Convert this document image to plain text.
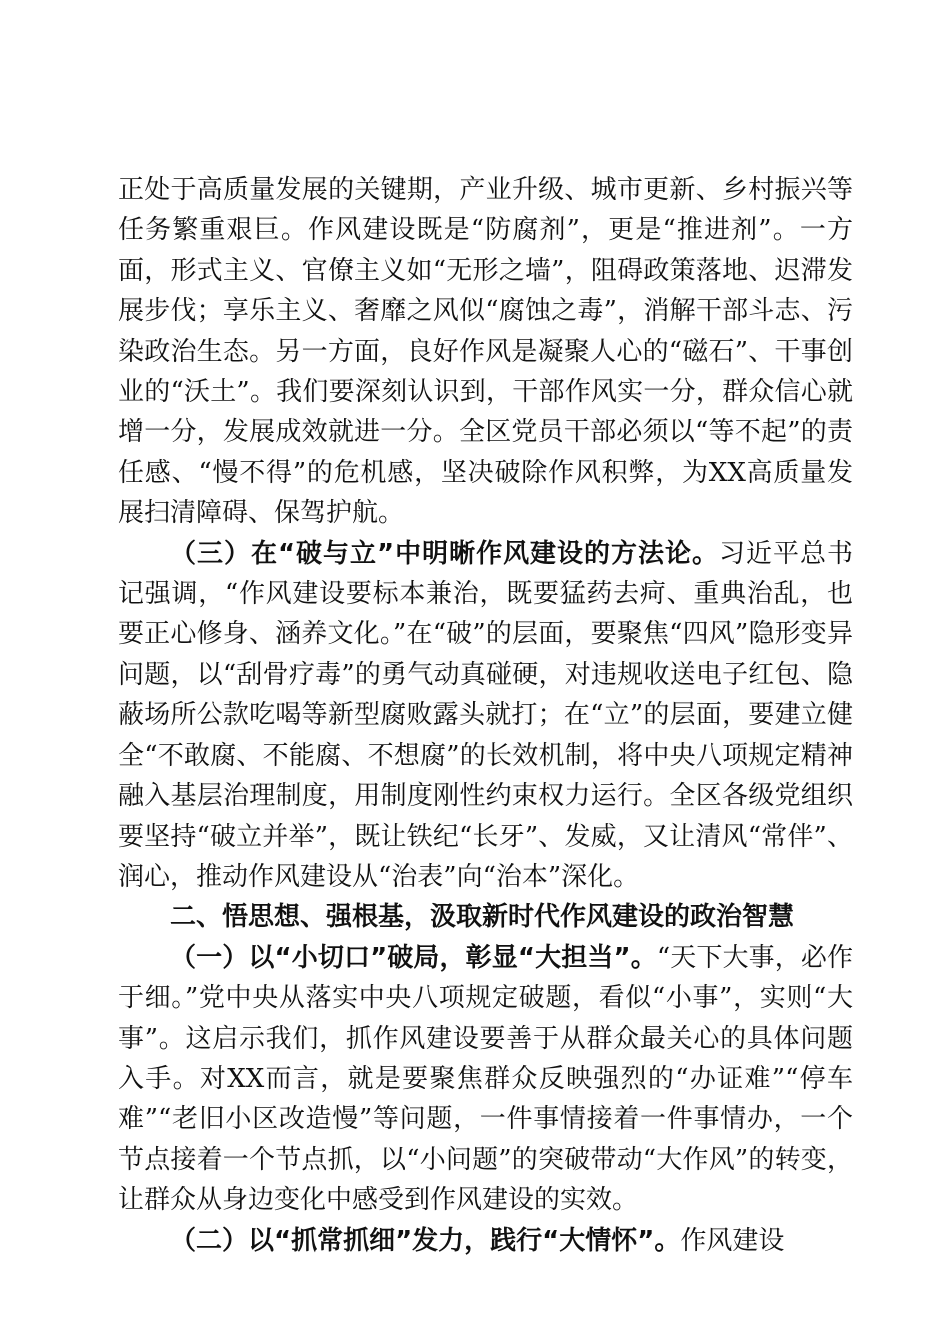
正处于高质量发展的关键期，产业升级、城市更新、乡村振兴等任务繁重艰巨。作风建设既是“防腐剂”，更是“推进剂”。一方面，形式主义、官僚主义如“无形之墙”，阻碍政策落地、迟滞发展步伐；享乐主义、奢靡之风似“腐蚀之毒”，消解干部斗志、污染政治生态。另一方面，良好作风是凝聚人心的“磁石”、干事创业的“沃土”。我们要深刻认识到，干部作风实一分，群众信心就增一分，发展成效就进一分。全区党员干部必须以“等不起”的责任感、“慢不得”的危机感，坚决破除作风积弊，为XX高质量发展扫清障碍、保驾护航。

（三）在“破与立”中明晰作风建设的方法论。习近平总书记强调，“作风建设要标本兼治，既要猛药去疴、重典治乱，也要正心修身、涵养文化。”在“破”的层面，要聚焦“四风”隐形变异问题，以“刮骨疗毒”的勇气动真碰硬，对违规收送电子红包、隐蔽场所公款吃喝等新型腐败露头就打；在“立”的层面，要建立健全“不敢腐、不能腐、不想腐”的长效机制，将中央八项规定精神融入基层治理制度，用制度刚性约束权力运行。全区各级党组织要坚持“破立并举”，既让铁纪“长牙”、发威，又让清风“常伴”、润心，推动作风建设从“治表”向“治本”深化。

二、悟思想、强根基，汲取新时代作风建设的政治智慧

（一）以“小切口”破局，彰显“大担当”。“天下大事，必作于细。”党中央从落实中央八项规定破题，看似“小事”，实则“大事”。这启示我们，抓作风建设要善于从群众最关心的具体问题入手。对XX而言，就是要聚焦群众反映强烈的“办证难”“停车难”“老旧小区改造慢”等问题，一件事情接着一件事情办，一个节点接着一个节点抓，以“小问题”的突破带动“大作风”的转变，让群众从身边变化中感受到作风建设的实效。

（二）以“抓常抓细”发力，践行“大情怀”。作风建设
